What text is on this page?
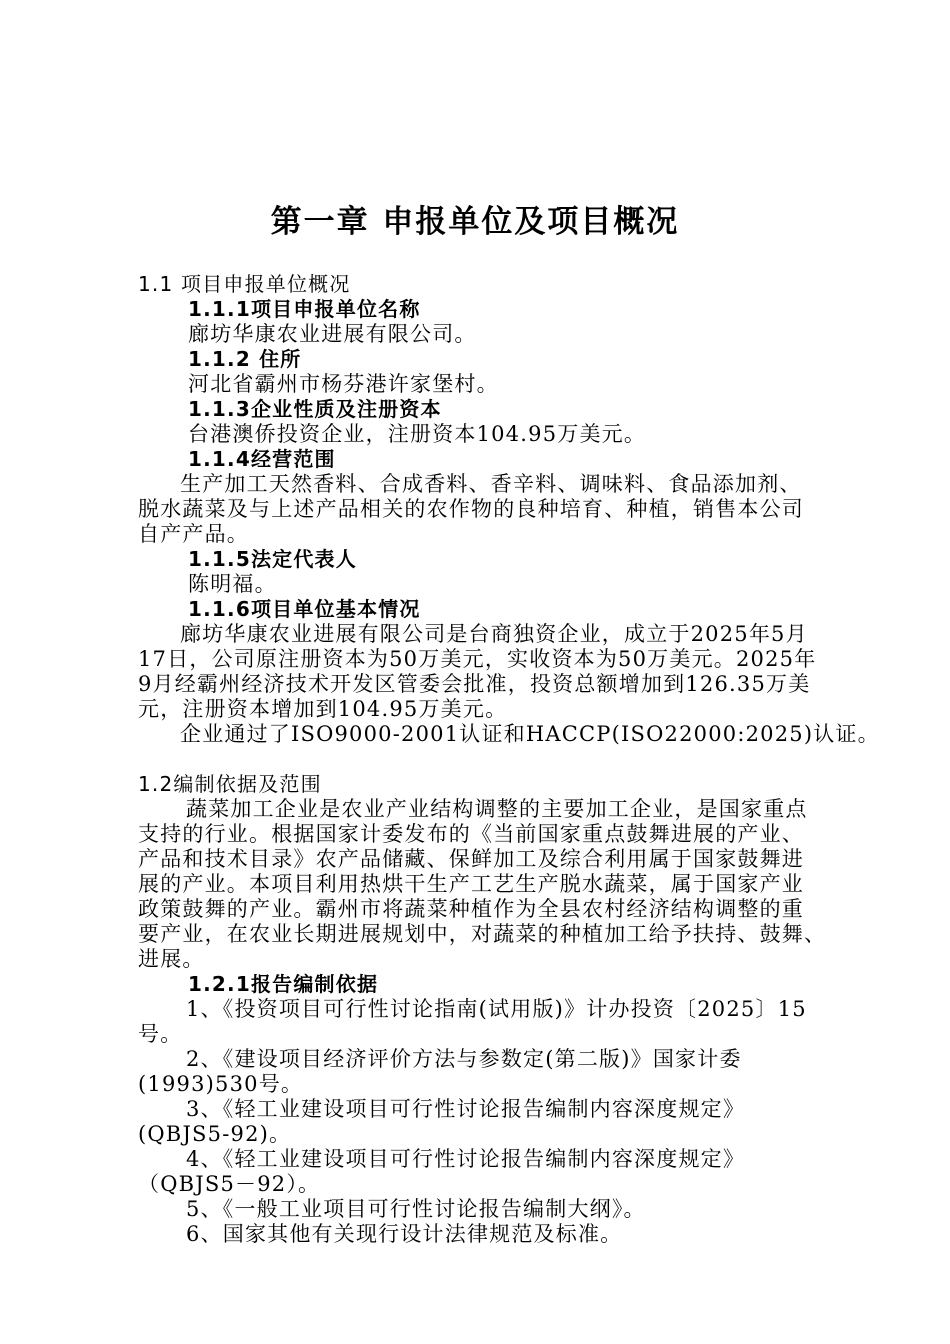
第一章 申报单位及项目概况
1.1 项目申报单位概况
1.1.1项目申报单位名称
廊坊华康农业进展有限公司。
1.1.2 住所
河北省霸州市杨芬港许家堡村。
1.1.3企业性质及注册资本
台港澳侨投资企业，注册资本104.95万美元。
1.1.4经营范围
生产加工天然香料、合成香料、香辛料、调味料、食品添加剂、
脱水蔬菜及与上述产品相关的农作物的良种培育、种植，销售本公司
自产产品。
1.1.5法定代表人
陈明福。
1.1.6项目单位基本情况
廊坊华康农业进展有限公司是台商独资企业，成立于2025年5月
17日，公司原注册资本为50万美元，实收资本为50万美元。2025年
9月经霸州经济技术开发区管委会批准，投资总额增加到126.35万美
元，注册资本增加到104.95万美元。
企业通过了ISO9000-2001认证和HACCP(ISO22000:2025)认证。
1.2编制依据及范围
蔬菜加工企业是农业产业结构调整的主要加工企业，是国家重点
支持的行业。根据国家计委发布的《当前国家重点鼓舞进展的产业、
产品和技术目录》农产品储藏、保鲜加工及综合利用属于国家鼓舞进
展的产业。本项目利用热烘干生产工艺生产脱水蔬菜，属于国家产业
政策鼓舞的产业。霸州市将蔬菜种植作为全县农村经济结构调整的重
要产业，在农业长期进展规划中，对蔬菜的种植加工给予扶持、鼓舞、
进展。
1.2.1报告编制依据
1、《投资项目可行性讨论指南(试用版)》计办投资〔2025〕15
号。
2、《建设项目经济评价方法与参数定(第二版)》国家计委
(1993)530号。
3、《轻工业建设项目可行性讨论报告编制内容深度规定》
(QBJS5-92)。
4、《轻工业建设项目可行性讨论报告编制内容深度规定》
（QBJS5－92）。
5、《一般工业项目可行性讨论报告编制大纲》。
6、国家其他有关现行设计法律规范及标准。
